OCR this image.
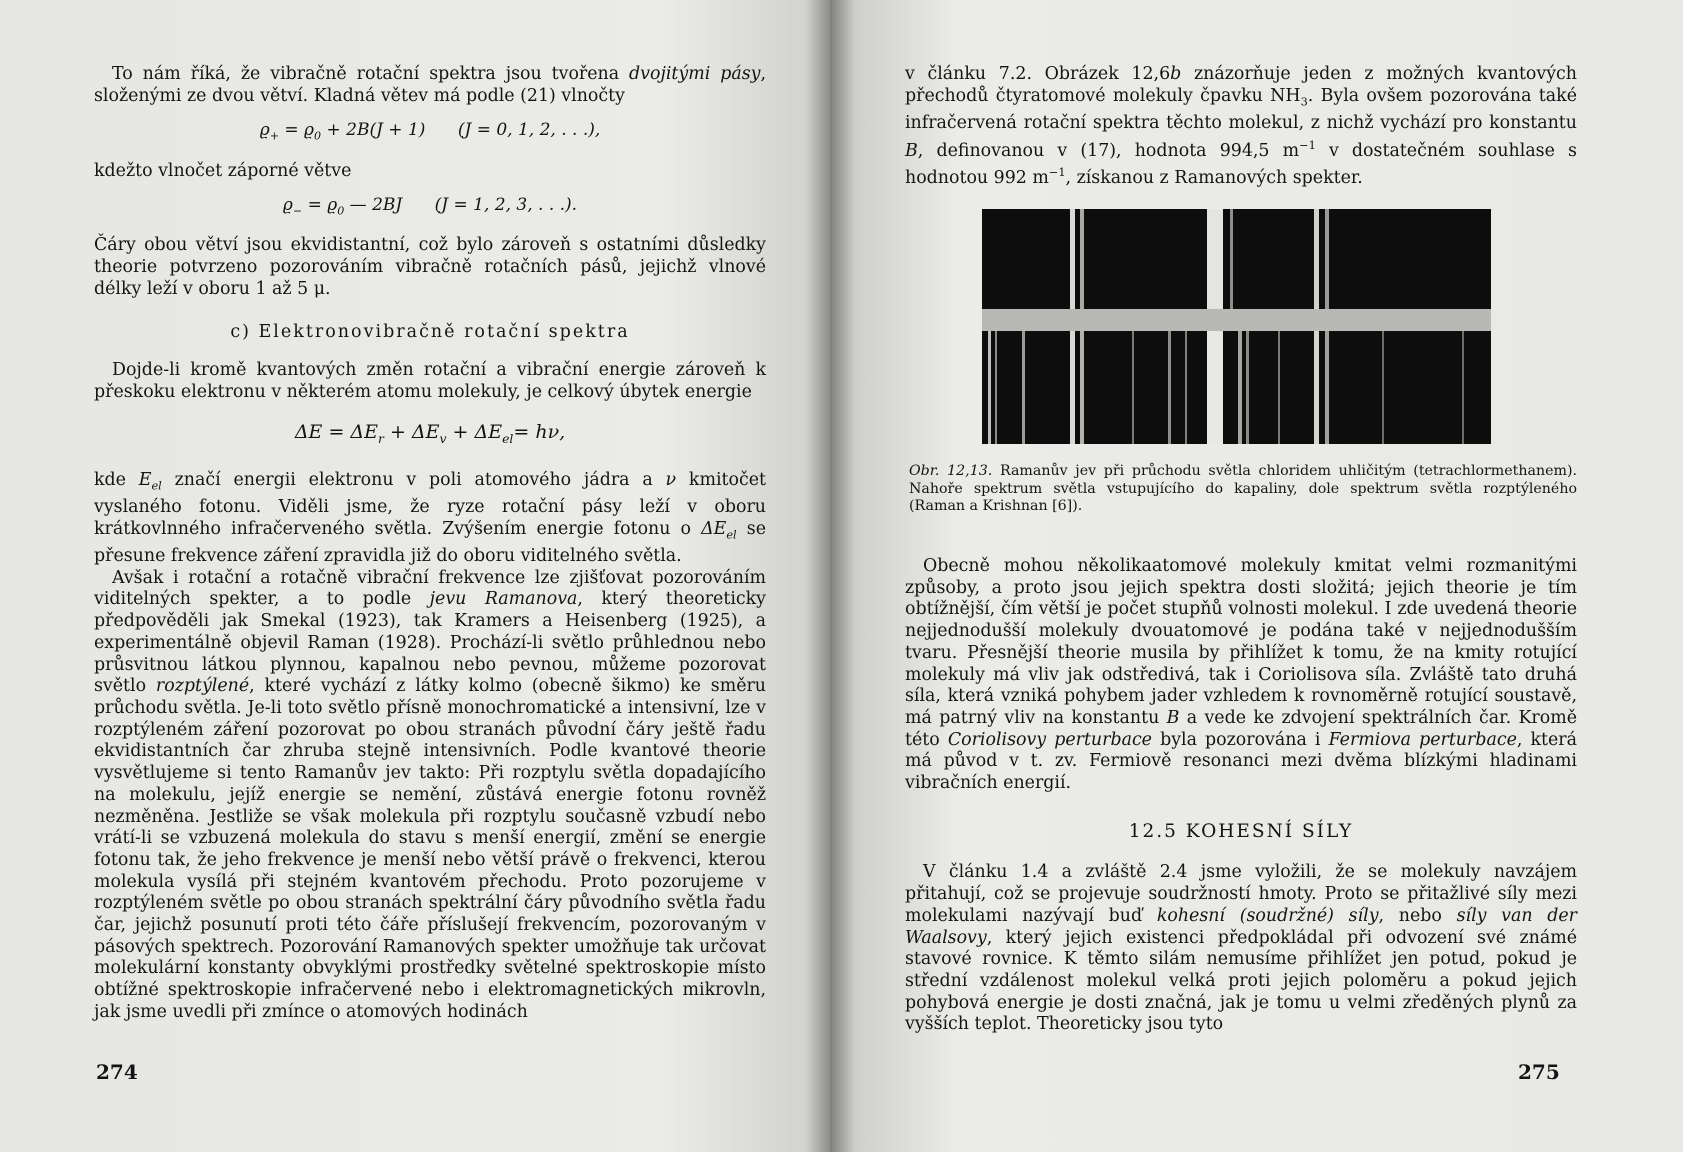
To nám říká, že vibračně rotační spektra jsou tvořena dvojitými pásy, složenými ze dvou větví. Kladná větev má podle (21) vlnočty

$ϱ_+ = ϱ_0 + 2B(J + 1)$      (J = 0, 1, 2, . . .),

kdežto vlnočet záporné větve

$ϱ_- = ϱ_0$ — 2BJ      (J = 1, 2, 3, . . .).

Čáry obou větví jsou ekvidistantní, což bylo zároveň s ostatními důsledky theorie potvrzeno pozorováním vibračně rotačních pásů, jejichž vlnové délky leží v oboru 1 až 5 μ.

c) Elektronovibračně rotační spektra

Dojde-li kromě kvantových změn rotační a vibrační energie zároveň k přeskoku elektronu v některém atomu molekuly, je celkový úbytek energie

$\Delta E = \Delta E_r + \Delta E_v + \Delta E_{el}= h\nu$,

kde $E_{el}$ značí energii elektronu v poli atomového jádra a ν kmitočet vyslaného fotonu. Viděli jsme, že ryze rotační pásy leží v oboru krátkovlnného infračerveného světla. Zvýšením energie fotonu o $\Delta E_{el}$ se přesune frekvence záření zpravidla již do oboru viditelného světla.

Avšak i rotační a rotačně vibrační frekvence lze zjišťovat pozorováním viditelných spekter, a to podle jevu Ramanova, který theoreticky předpověděli jak Smekal (1923), tak Kramers a Heisenberg (1925), a experimentálně objevil Raman (1928). Prochází-li světlo průhlednou nebo průsvitnou látkou plynnou, kapalnou nebo pevnou, můžeme pozorovat světlo rozptýlené, které vychází z látky kolmo (obecně šikmo) ke směru průchodu světla. Je-li toto světlo přísně monochromatické a intensivní, lze v rozptýleném záření pozorovat po obou stranách původní čáry ještě řadu ekvidistantních čar zhruba stejně intensivních. Podle kvantové theorie vysvětlujeme si tento Ramanův jev takto: Při rozptylu světla dopadajícího na molekulu, jejíž energie se nemění, zůstává energie fotonu rovněž nezměněna. Jestliže se však molekula při rozptylu současně vzbudí nebo vrátí-li se vzbuzená molekula do stavu s menší energií, změní se energie fotonu tak, že jeho frekvence je menší nebo větší právě o frekvenci, kterou molekula vysílá při stejném kvantovém přechodu. Proto pozorujeme v rozptýleném světle po obou stranách spektrální čáry původního světla řadu čar, jejichž posunutí proti této čáře příslušejí frekvencím, pozorovaným v pásových spektrech. Pozorování Ramanových spekter umožňuje tak určovat molekulární konstanty obvyklými prostředky světelné spektroskopie místo obtížné spektroskopie infračervené nebo i elektromagnetických mikrovln, jak jsme uvedli při zmínce o atomových hodinách

274

v článku 7.2. Obrázek 12,6b znázorňuje jeden z možných kvantových přechodů čtyratomové molekuly čpavku $NH_3$. Byla ovšem pozorována také infračervená rotační spektra těchto molekul, z nichž vychází pro konstantu B, definovanou v (17), hodnota 994,5 $m^{-1}$ v dostatečném souhlase s hodnotou 992 $m^{-1}$, získanou z Ramanových spekter.

Obr. 12,13. Ramanův jev při průchodu světla chloridem uhličitým (tetrachlormethanem). Nahoře spektrum světla vstupujícího do kapaliny, dole spektrum světla rozptýleného (Raman a Krishnan [6]).

Obecně mohou několikaatomové molekuly kmitat velmi rozmanitými způsoby, a proto jsou jejich spektra dosti složitá; jejich theorie je tím obtížnější, čím větší je počet stupňů volnosti molekul. I zde uvedená theorie nejjednodušší molekuly dvouatomové je podána také v nejjednodušším tvaru. Přesnější theorie musila by přihlížet k tomu, že na kmity rotující molekuly má vliv jak odstředivá, tak i Coriolisova síla. Zvláště tato druhá síla, která vzniká pohybem jader vzhledem k rovnoměrně rotující soustavě, má patrný vliv na konstantu B a vede ke zdvojení spektrálních čar. Kromě této Coriolisovy perturbace byla pozorována i Fermiova perturbace, která má původ v t. zv. Fermiově resonanci mezi dvěma blízkými hladinami vibračních energií.

12.5 KOHESNÍ SÍLY

V článku 1.4 a zvláště 2.4 jsme vyložili, že se molekuly navzájem přitahují, což se projevuje soudržností hmoty. Proto se přitažlivé síly mezi molekulami nazývají buď kohesní (soudržné) síly, nebo síly van der Waalsovy, který jejich existenci předpokládal při odvození své známé stavové rovnice. K těmto silám nemusíme přihlížet jen potud, pokud je střední vzdálenost molekul velká proti jejich poloměru a pokud jejich pohybová energie je dosti značná, jak je tomu u velmi zředěných plynů za vyšších teplot. Theoreticky jsou tyto

275
